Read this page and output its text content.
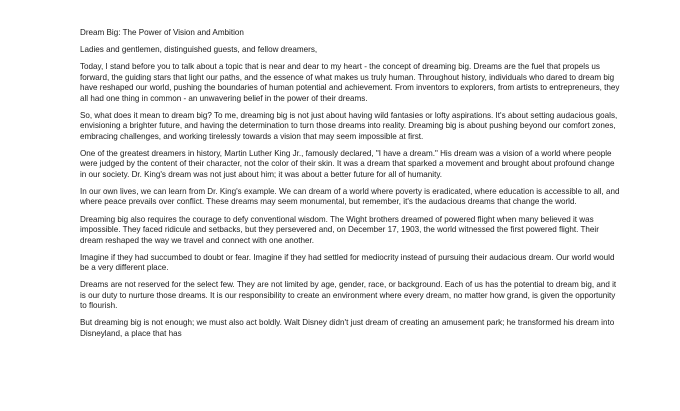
Dream Big: The Power of Vision and Ambition

Ladies and gentlemen, distinguished guests, and fellow dreamers,

Today, I stand before you to talk about a topic that is near and dear to my heart - the concept of dreaming big. Dreams are the fuel that propels us forward, the guiding stars that light our paths, and the essence of what makes us truly human. Throughout history, individuals who dared to dream big have reshaped our world, pushing the boundaries of human potential and achievement. From inventors to explorers, from artists to entrepreneurs, they all had one thing in common - an unwavering belief in the power of their dreams.

So, what does it mean to dream big? To me, dreaming big is not just about having wild fantasies or lofty aspirations. It's about setting audacious goals, envisioning a brighter future, and having the determination to turn those dreams into reality. Dreaming big is about pushing beyond our comfort zones, embracing challenges, and working tirelessly towards a vision that may seem impossible at first.

One of the greatest dreamers in history, Martin Luther King Jr., famously declared, "I have a dream." His dream was a vision of a world where people were judged by the content of their character, not the color of their skin. It was a dream that sparked a movement and brought about profound change in our society. Dr. King's dream was not just about him; it was about a better future for all of humanity.

In our own lives, we can learn from Dr. King's example. We can dream of a world where poverty is eradicated, where education is accessible to all, and where peace prevails over conflict. These dreams may seem monumental, but remember, it's the audacious dreams that change the world.

Dreaming big also requires the courage to defy conventional wisdom. The Wight brothers dreamed of powered flight when many believed it was impossible. They faced ridicule and setbacks, but they persevered and, on December 17, 1903, the world witnessed the first powered flight. Their dream reshaped the way we travel and connect with one another.

Imagine if they had succumbed to doubt or fear. Imagine if they had settled for mediocrity instead of pursuing their audacious dream. Our world would be a very different place.

Dreams are not reserved for the select few. They are not limited by age, gender, race, or background. Each of us has the potential to dream big, and it is our duty to nurture those dreams. It is our responsibility to create an environment where every dream, no matter how grand, is given the opportunity to flourish.

But dreaming big is not enough; we must also act boldly. Walt Disney didn't just dream of creating an amusement park; he transformed his dream into Disneyland, a place that has
